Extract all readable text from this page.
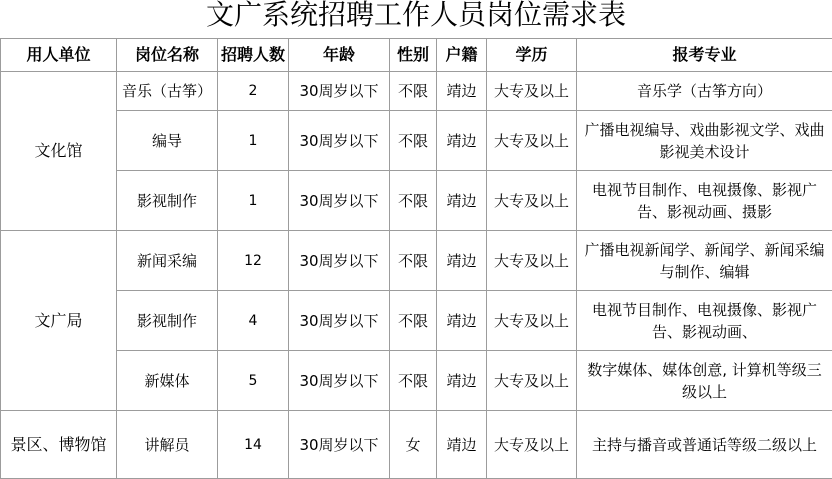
文广系统招聘工作人员岗位需求表
用人单位	岗位名称	招聘人数	年龄	性别	户籍	学历	报考专业
文化馆	音乐（古筝）	2	30周岁以下	不限	靖边	大专及以上	音乐学（古筝方向）
	编导	1	30周岁以下	不限	靖边	大专及以上	广播电视编导、戏曲影视文学、戏曲影视美术设计
	影视制作	1	30周岁以下	不限	靖边	大专及以上	电视节目制作、电视摄像、影视广告、影视动画、摄影
文广局	新闻采编	12	30周岁以下	不限	靖边	大专及以上	广播电视新闻学、新闻学、新闻采编与制作、编辑
	影视制作	4	30周岁以下	不限	靖边	大专及以上	电视节目制作、电视摄像、影视广告、影视动画、
	新媒体	5	30周岁以下	不限	靖边	大专及以上	数字媒体、媒体创意, 计算机等级三级以上
景区、博物馆	讲解员	14	30周岁以下	女	靖边	大专及以上	主持与播音或普通话等级二级以上
